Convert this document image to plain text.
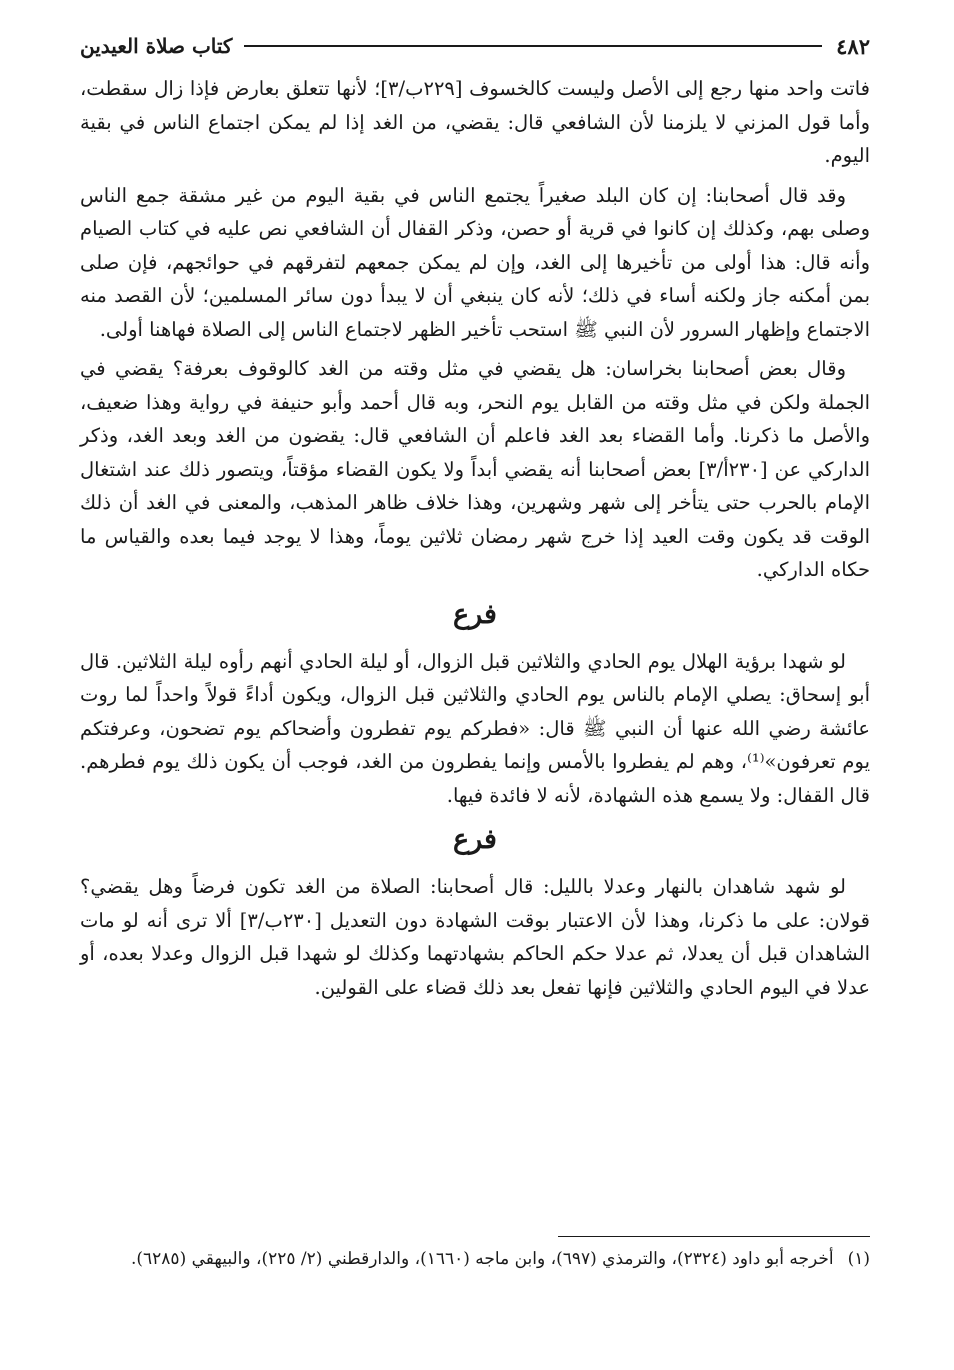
٤٨٢
كتاب صلاة العيدين

فاتت واحد منها رجع إلى الأصل وليست كالخسوف [٢٢٩ب/٣]؛ لأنها تتعلق بعارض فإذا زال سقطت، وأما قول المزني لا يلزمنا لأن الشافعي قال: يقضي، من الغد إذا لم يمكن اجتماع الناس في بقية اليوم.

وقد قال أصحابنا: إن كان البلد صغيراً يجتمع الناس في بقية اليوم من غير مشقة جمع الناس وصلى بهم، وكذلك إن كانوا في قرية أو حصن، وذكر القفال أن الشافعي نص عليه في كتاب الصيام وأنه قال: هذا أولى من تأخيرها إلى الغد، وإن لم يمكن جمعهم لتفرقهم في حوائجهم، فإن صلى بمن أمكنه جاز ولكنه أساء في ذلك؛ لأنه كان ينبغي أن لا يبدأ دون سائر المسلمين؛ لأن القصد منه الاجتماع وإظهار السرور لأن النبي ﷺ استحب تأخير الظهر لاجتماع الناس إلى الصلاة فهاهنا أولى.

وقال بعض أصحابنا بخراسان: هل يقضي في مثل وقته من الغد كالوقوف بعرفة؟ يقضي في الجملة ولكن في مثل وقته من القابل يوم النحر، وبه قال أحمد وأبو حنيفة في رواية وهذا ضعيف، والأصل ما ذكرنا. وأما القضاء بعد الغد فاعلم أن الشافعي قال: يقضون من الغد وبعد الغد، وذكر الداركي عن [٢٣٠أ/٣] بعض أصحابنا أنه يقضي أبداً ولا يكون القضاء مؤقتاً، ويتصور ذلك عند اشتغال الإمام بالحرب حتى يتأخر إلى شهر وشهرين، وهذا خلاف ظاهر المذهب، والمعنى في الغد أن ذلك الوقت قد يكون وقت العيد إذا خرج شهر رمضان ثلاثين يوماً، وهذا لا يوجد فيما بعده والقياس ما حكاه الداركي.

فرع

لو شهدا برؤية الهلال يوم الحادي والثلاثين قبل الزوال، أو ليلة الحادي أنهم رأوه ليلة الثلاثين. قال أبو إسحاق: يصلي الإمام بالناس يوم الحادي والثلاثين قبل الزوال، ويكون أداءً قولاً واحداً لما روت عائشة رضي الله عنها أن النبي ﷺ قال: «فطركم يوم تفطرون وأضحاكم يوم تضحون، وعرفتكم يوم تعرفون»⁽¹⁾، وهم لم يفطروا بالأمس وإنما يفطرون من الغد، فوجب أن يكون ذلك يوم فطرهم. قال القفال: ولا يسمع هذه الشهادة، لأنه لا فائدة فيها.

فرع

لو شهد شاهدان بالنهار وعدلا بالليل: قال أصحابنا: الصلاة من الغد تكون فرضاً وهل يقضي؟ قولان: على ما ذكرنا، وهذا لأن الاعتبار بوقت الشهادة دون التعديل [٢٣٠ب/٣] ألا ترى أنه لو مات الشاهدان قبل أن يعدلا، ثم عدلا حكم الحاكم بشهادتهما وكذلك لو شهدا قبل الزوال وعدلا بعده، أو عدلا في اليوم الحادي والثلاثين فإنها تفعل بعد ذلك قضاء على القولين.

(١)
أخرجه أبو داود (٢٣٢٤)، والترمذي (٦٩٧)، وابن ماجه (١٦٦٠)، والدارقطني (٢/ ٢٢٥)، والبيهقي (٦٢٨٥).
